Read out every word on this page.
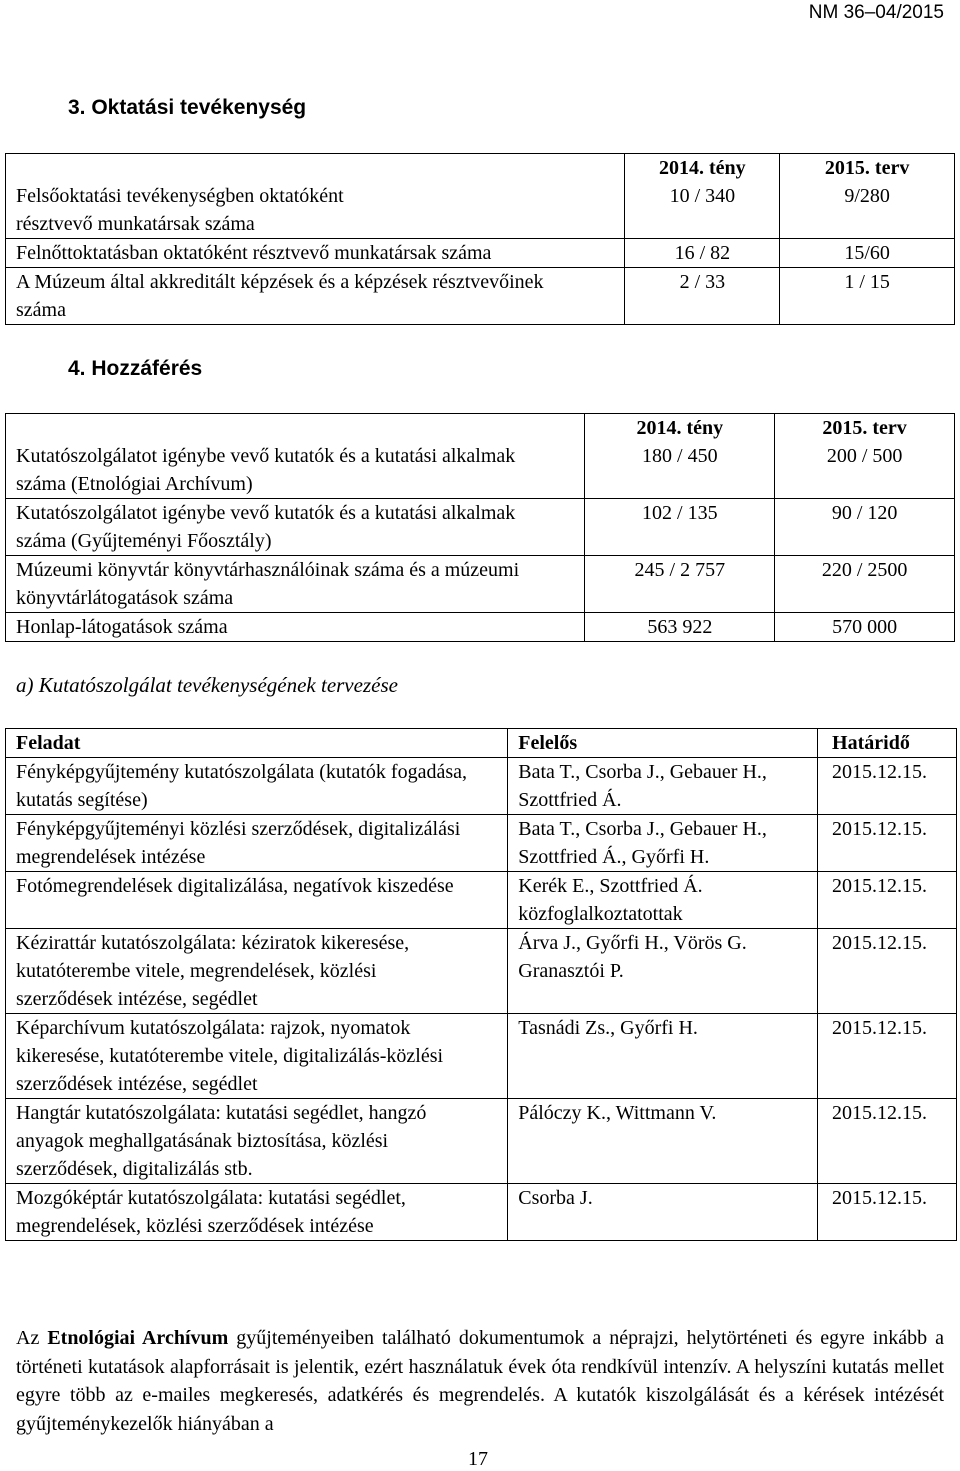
NM 36–04/2015
3. Oktatási tevékenység
	2014. tény	2015. terv
Felsőoktatási tevékenységben oktatóként résztvevő munkatársak száma	10 / 340	9/280
Felnőttoktatásban oktatóként résztvevő munkatársak száma	16 / 82	15/60
A Múzeum által akkreditált képzések és a képzések résztvevőinek száma	2 / 33	1 / 15
4. Hozzáférés
	2014. tény	2015. terv
Kutatószolgálatot igénybe vevő kutatók és a kutatási alkalmak száma (Etnológiai Archívum)	180 / 450	200 / 500
Kutatószolgálatot igénybe vevő kutatók és a kutatási alkalmak száma (Gyűjteményi Főosztály)	102 / 135	90 / 120
Múzeumi könyvtár könyvtárhasználóinak száma és a múzeumi könyvtárlátogatások száma	245 / 2 757	220 / 2500
Honlap-látogatások száma	563 922	570 000
a) Kutatószolgálat tevékenységének tervezése
Feladat	Felelős	Határidő
Fényképgyűjtemény kutatószolgálata (kutatók fogadása, kutatás segítése)	Bata T., Csorba J., Gebauer H., Szottfried Á.	2015.12.15.
Fényképgyűjteményi közlési szerződések, digitalizálási megrendelések intézése	Bata T., Csorba J., Gebauer H., Szottfried Á., Győrfi H.	2015.12.15.
Fotómegrendelések digitalizálása, negatívok kiszedése	Kerék E., Szottfried Á. közfoglalkoztatottak	2015.12.15.
Kézirattár kutatószolgálata: kéziratok kikeresése, kutatóterembe vitele, megrendelések, közlési szerződések intézése, segédlet	Árva J., Győrfi H., Vörös G. Granasztói P.	2015.12.15.
Képarchívum kutatószolgálata: rajzok, nyomatok kikeresése, kutatóterembe vitele, digitalizálás-közlési szerződések intézése, segédlet	Tasnádi Zs., Győrfi H.	2015.12.15.
Hangtár kutatószolgálata: kutatási segédlet, hangzó anyagok meghallgatásának biztosítása, közlési szerződések, digitalizálás stb.	Pálóczy K., Wittmann V.	2015.12.15.
Mozgóképtár kutatószolgálata: kutatási segédlet, megrendelések, közlési szerződések intézése	Csorba J.	2015.12.15.
Az Etnológiai Archívum gyűjteményeiben található dokumentumok a néprajzi, helytörténeti és egyre inkább a történeti kutatások alapforrásait is jelentik, ezért használatuk évek óta rendkívül intenzív. A helyszíni kutatás mellet egyre több az e-mailes megkeresés, adatkérés és megrendelés. A kutatók kiszolgálását és a kérések intézését gyűjteménykezelők hiányában a
17
